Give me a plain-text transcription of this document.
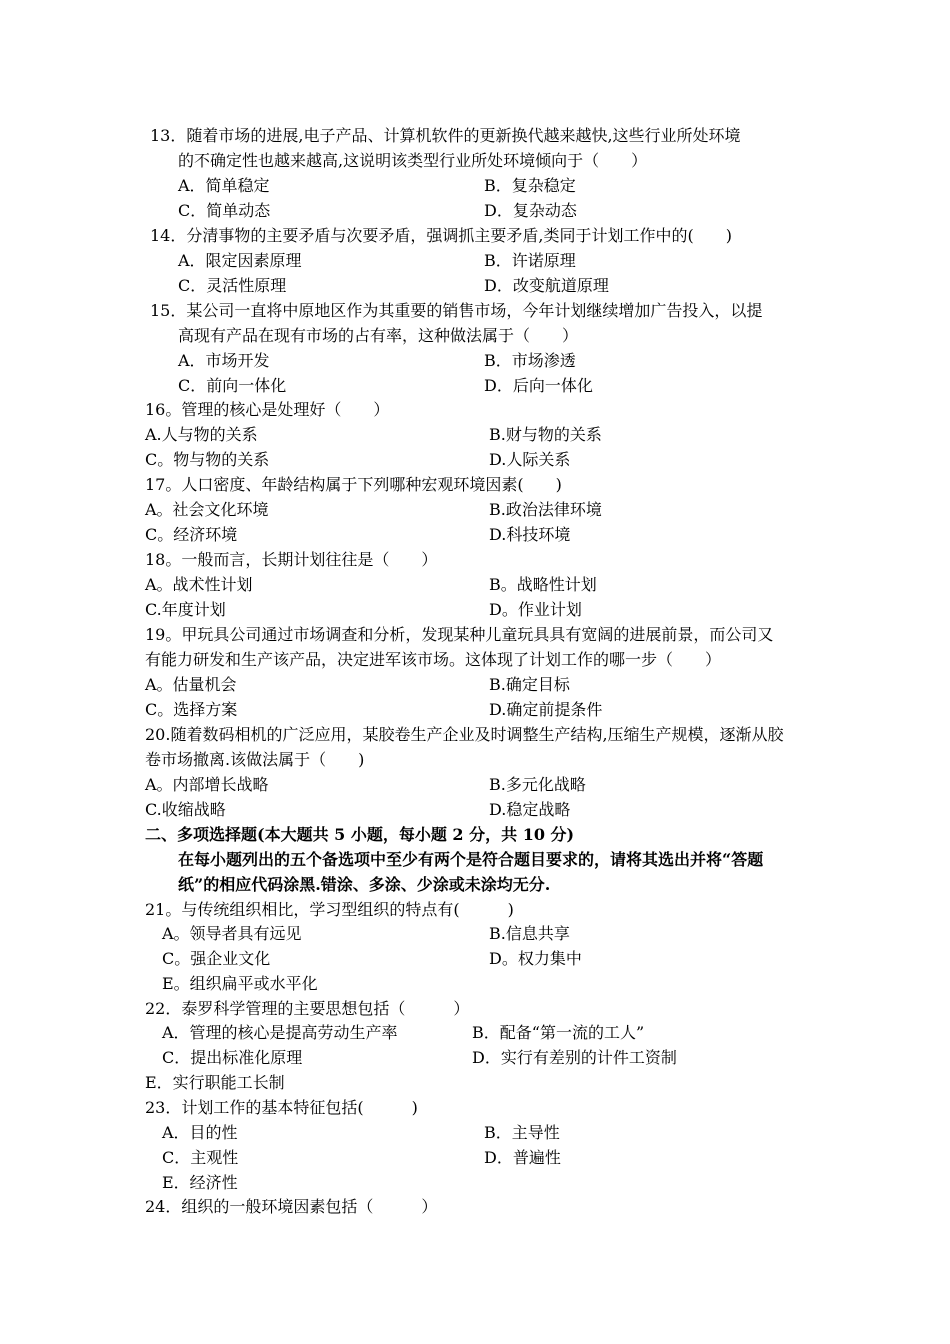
13．随着市场的进展,电子产品、计算机软件的更新换代越来越快,这些行业所处环境
的不确定性也越来越高,这说明该类型行业所处环境倾向于（　　）
A．简单稳定	B．复杂稳定
C．简单动态	D．复杂动态
14．分清事物的主要矛盾与次要矛盾，强调抓主要矛盾,类同于计划工作中的(　　)
A．限定因素原理	B．许诺原理
C．灵活性原理	D．改变航道原理
15．某公司一直将中原地区作为其重要的销售市场，今年计划继续增加广告投入，以提
高现有产品在现有市场的占有率，这种做法属于（　　）
A．市场开发	B．市场渗透
C．前向一体化	D．后向一体化
16。管理的核心是处理好（　　）
A.人与物的关系	B.财与物的关系
C。物与物的关系	D.人际关系
17。人口密度、年龄结构属于下列哪种宏观环境因素(　　)
A。社会文化环境	B.政治法律环境
C。经济环境	D.科技环境
18。一般而言，长期计划往往是（　　）
A。战术性计划	B。战略性计划
C.年度计划	D。作业计划
19。甲玩具公司通过市场调查和分析，发现某种儿童玩具具有宽阔的进展前景，而公司又
有能力研发和生产该产品，决定进军该市场。这体现了计划工作的哪一步（　　）
A。估量机会	B.确定目标
C。选择方案	D.确定前提条件
20.随着数码相机的广泛应用，某胶卷生产企业及时调整生产结构,压缩生产规模，逐渐从胶
卷市场撤离.该做法属于（　　)
A。内部增长战略	B.多元化战略
C.收缩战略	D.稳定战略
二、多项选择题(本大题共 5 小题，每小题 2 分，共 10 分)
在每小题列出的五个备选项中至少有两个是符合题目要求的，请将其选出并将“答题
纸”的相应代码涂黑.错涂、多涂、少涂或未涂均无分.
21。与传统组织相比，学习型组织的特点有(　　　)
A。领导者具有远见	B.信息共享
C。强企业文化	D。权力集中
E。组织扁平或水平化
22．泰罗科学管理的主要思想包括（　　　）
A．管理的核心是提高劳动生产率	B．配备“第一流的工人”
C．提出标准化原理	D．实行有差别的计件工资制
E．实行职能工长制
23．计划工作的基本特征包括(　　　)
A．目的性	B．主导性
C．主观性	D．普遍性
E．经济性
24．组织的一般环境因素包括（　　　）
